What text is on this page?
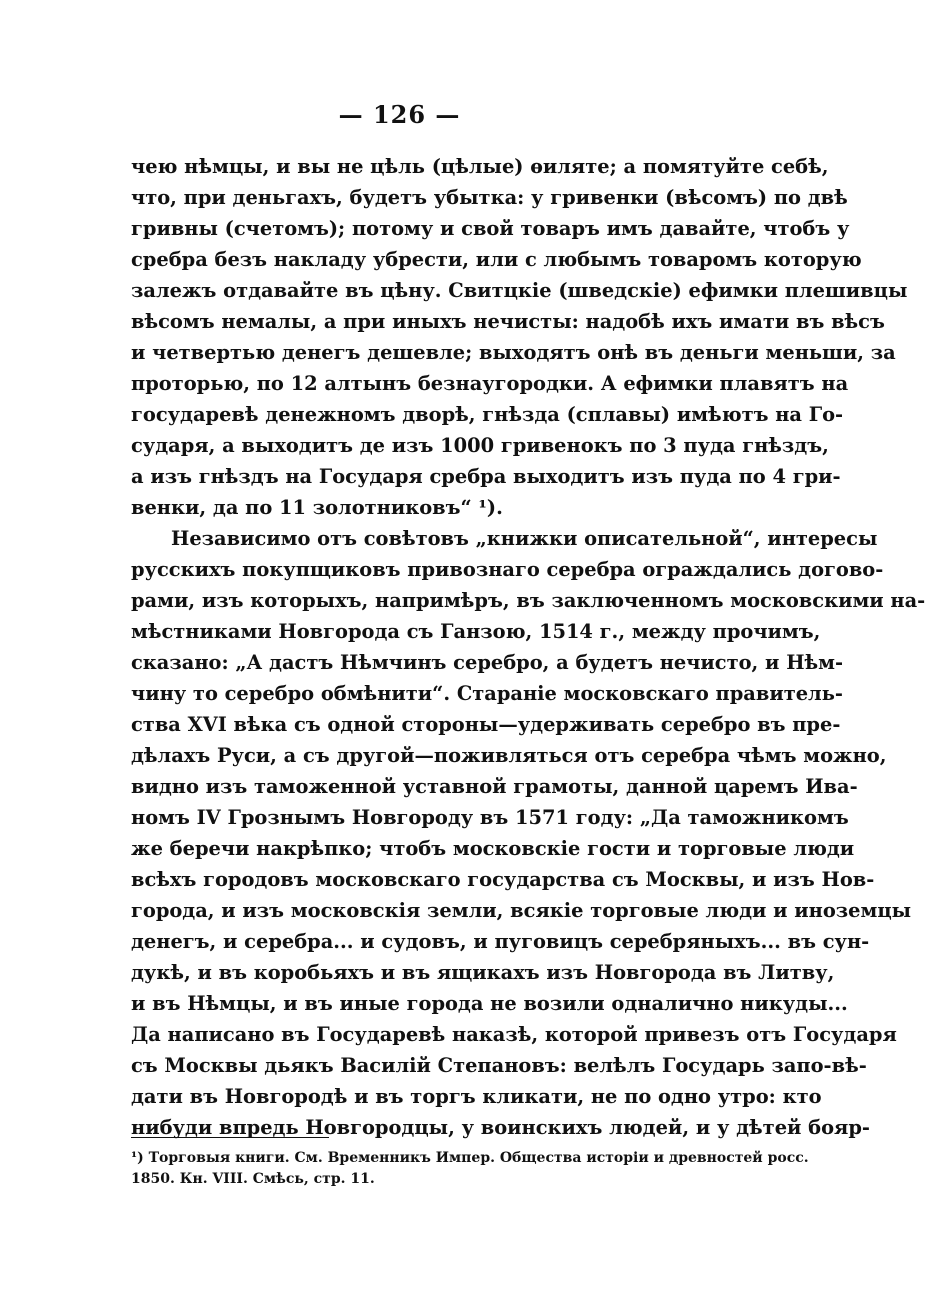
— 126 —
чею нѣмцы, и вы не цѣль (цѣлые) ѳиляте; а помятуйте себѣ,
что, при деньгахъ, будетъ убытка: у гривенки (вѣсомъ) по двѣ
гривны (счетомъ); потому и свой товаръ имъ давайте, чтобъ у
сребра безъ накладу убрести, или с любымъ товаромъ которую
залежъ отдавайте въ цѣну. Свитцкіе (шведскіе) ефимки плешивцы
вѣсомъ немалы, а при иныхъ нечисты: надобѣ ихъ имати въ вѣсъ
и четвертью денегъ дешевле; выходятъ онѣ въ деньги меньши, за
проторью, по 12 алтынъ безнаугородки. А ефимки плавятъ на
государевѣ денежномъ дворѣ, гнѣзда (сплавы) имѣютъ на Го-
сударя, а выходитъ де изъ 1000 гривенокъ по 3 пуда гнѣздъ,
а изъ гнѣздъ на Государя сребра выходитъ изъ пуда по 4 гри-
венки, да по 11 золотниковъ“ ¹).
Независимо отъ совѣтовъ „книжки описательной“, интересы
русскихъ покупщиковъ привознаго серебра ограждались догово-
рами, изъ которыхъ, напримѣръ, въ заключенномъ московскими на-
мѣстниками Новгорода съ Ганзою, 1514 г., между прочимъ,
сказано: „А дастъ Нѣмчинъ серебро, а будетъ нечисто, и Нѣм-
чину то серебро обмѣнити“. Стараніе московскаго правитель-
ства XVI вѣка съ одной стороны—удерживать серебро въ пре-
дѣлахъ Руси, а съ другой—поживляться отъ серебра чѣмъ можно,
видно изъ таможенной уставной грамоты, данной царемъ Ива-
номъ IV Грознымъ Новгороду въ 1571 году: „Да таможникомъ
же беречи накрѣпко; чтобъ московскіе гости и торговые люди
всѣхъ городовъ московскаго государства съ Москвы, и изъ Нов-
города, и изъ московскія земли, всякіе торговые люди и иноземцы
денегъ, и серебра... и судовъ, и пуговицъ серебряныхъ... въ сун-
дукѣ, и въ коробьяхъ и въ ящикахъ изъ Новгорода въ Литву,
и въ Нѣмцы, и въ иные города не возили одналично никуды...
Да написано въ Государевѣ наказѣ, которой привезъ отъ Государя
съ Москвы дьякъ Василій Степановъ: велѣлъ Государь запо-вѣ-
дати въ Новгородѣ и въ торгъ кликати, не по одно утро: кто
нибуди впредь Новгородцы, у воинскихъ людей, и у дѣтей бояр-
¹) Торговыя книги. См. Временникъ Импер. Общества исторіи и древностей росс.
1850. Кн. VIII. Смѣсь, стр. 11.
